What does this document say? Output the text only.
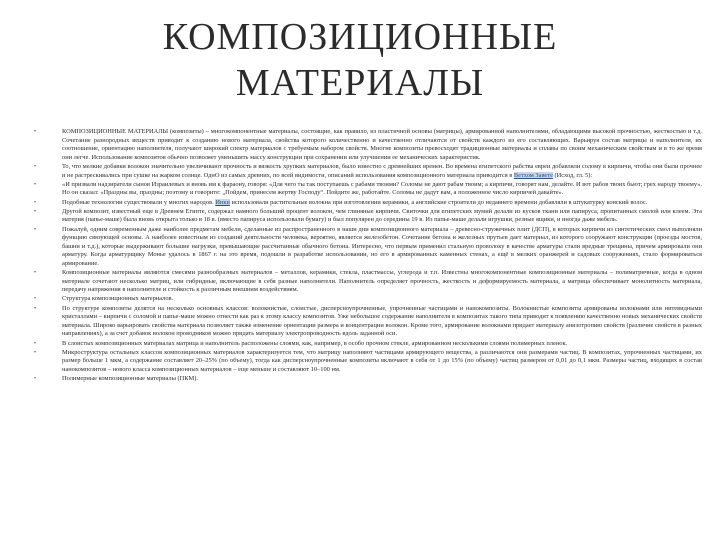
КОМПОЗИЦИОННЫЕ
МАТЕРИАЛЫ
•	КОМПОЗИЦИОННЫЕ МАТЕРИАЛЫ (композиты) – многокомпонентные материалы, состоящие, как правило, из пластичной основы (матрицы), армированной наполнителями, обладающими высокой прочностью, жесткостью и т.д. Сочетание разнородных веществ приводит к созданию нового материала, свойства которого количественно и качественно отличаются от свойств каждого из его составляющих. Варьируя состав матрицы и наполнителя, их соотношение, ориентацию наполнителя, получают широкий спектр материалов с требуемым набором свойств. Многие композиты превосходят традиционные материалы и сплавы по своим механическим свойствам и в то же время они легче. Использование композитов обычно позволяет уменьшить массу конструкции при сохранении или улучшении ее механических характеристик.
•	То, что мелкие добавки волокон значительно увеличивают прочность и вязкость хрупких материалов, было известно с древнейших времен. Во времена египетского рабства евреи добавляли солому в кирпичи, чтобы они были прочнее и не растрескивались при сушке на жарком солнце. ОднО из самых древних, по всей видимости, описаний использования композиционного материала приводится в Ветхом Завете (Исход, гл. 5):
•	«И призвали надзиратели сынов Израилевых и вновь им к фараону, говоря: «Для чего ты так поступаешь с рабами твоими? Соломы не дают рабам твоим; а кирпичи, говорят нам, делайте. И вот рабов твоих бьют; грех народу твоему». Но он сказал: «Праздны вы, праздны; поэтому и говорите: „Пойдем, принесем жертву Господу“. Пойдите же, работайте. Соломы не дадут вам, а положенное число кирпичей давайте».
•	Подобные технологии существовали у многих народов. Инки использовали растительные волокна при изготовлении керамики, а английские строители до недавнего времени добавляли в штукатурку конский волос.
•	Другой композит, известный еще в Древнем Египте, содержал намного больший процент волокон, чем глиняные кирпичи. Свиточки для египетских мумий делали из кусков ткани или папируса, пропитанных смолой или клеем. Эта материя (папье-маше) была вновь открыта только в 18 в. (вместо папируса использовали бумагу) и был популярен до середины 19 в. Из папье-маше делали игрушки, резные ящики, и иногда даже мебель.
•	Пожалуй, одним современным даже наиболее предметам мебели, сделанные из распространенного в наши дни композиционного материала – древесно-стружечных плит (ДСП), в которых кирпичи из синтетических смол выполняли функцию связующей основы. А наиболее известным из созданий деятельности человека, вероятно, является железобетон. Сочетание бетона и железных прутьев дает материал, из которого сооружают конструкции (проезды мостов, башни и т.д.), которые выдерживают большие нагрузки, превышающие рассчитанные обычного бетона. Интересно, что первым применил стальную проволоку в качестве арматуры стали вредные трещины, причем армировали они арматуру. Когда арматурщику Монье удалось в 1867 г. на это время, подошли в разработке использовании, но его в армированных каменных стенах, а ещё в мелких оранжерей и садовых сооружениях, стало формироваться армирование.
•	Композиционные материалы являются смесями разнообразных материалов – металлов, керамики, стекла, пластмассы, углерода и т.п. Известны многокомпонентные композиционные материалы – полиматричные, когда в одном материале сочетают несколько матриц, или гибридные, включающие в себя разные наполнители. Наполнитель определяет прочность, жесткость и деформируемость материала, а матрица обеспечивает монолитность материала, передачу напряжения в наполнителе и стойкость к различным внешним воздействиям.
•	Структура композиционных материалов.
•	По структуре композиты делятся на несколько основных классов: волокнистые, слоистые, дисперсноупрочненные, упрочненные частицами и нанокомпозиты. Волокнистые композиты армированы волокнами или нитевидными кристаллами – кирпичи с соломой и папье-маше можно отнести как раз к этому классу композитов. Уже небольшое содержание наполнителя в композитах такого типа приводит к появлению качественно новых механических свойств материала. Широко варьировать свойства материала позволяет также изменение ориентации размера и концентрации волокон. Кроме того, армирование волокнами придает материалу анизотропию свойств (различие свойств в разных направлениях), а за счет добавок волокон проводников можно придать материалу электропроводность вдоль заданной оси.
•	В слоистых композиционных материалах матрица и наполнитель расположены слоями, как, например, в особо прочном стекле, армированном несколькими слоями полимерных пленок.
•	Микроструктура остальных классов композиционных материалов характеризуется тем, что матрицу наполняют частицами армирующего вещества, а различаются они размерами частиц. В композитах, упрочненных частицами, их размер больше 1 мкм, а содержание составляет 20–25% (по объему), тогда как дисперсноупрочненные композиты включают в себя от 1 до 15% (по объему) частиц размером от 0,01 до 0,1 мкм. Размеры частиц, входящих в состав нанокомпозитов – нового класса композиционных материалов – еще меньше и составляют 10–100 нм.
•	Полимерные композиционные материалы (ПКМ).
